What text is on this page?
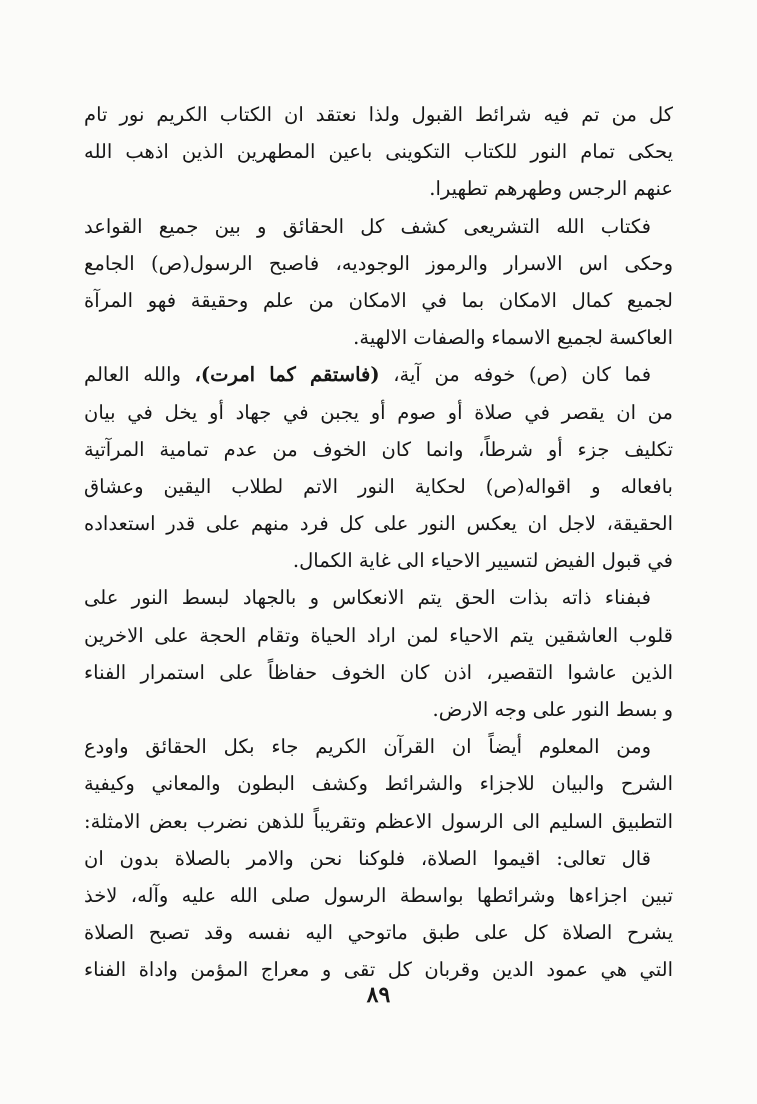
كل من تم فيه شرائط القبول ولذا نعتقد ان الكتاب الكريم نور تام
يحكى تمام النور للكتاب التكوينى باعين المطهرين الذين اذهب الله
عنهم الرجس وطهرهم تطهيرا.
فكتاب الله التشريعى كشف كل الحقائق و بين جميع القواعد
وحكى اس الاسرار والرموز الوجوديه، فاصبح الرسول(ص) الجامع
لجميع كمال الامكان بما في الامكان من علم وحقيقة فهو المرآة
العاكسة لجميع الاسماء والصفات الالهية.
فما كان (ص) خوفه من آية، (فاستقم كما امرت)، والله العالم
من ان يقصر في صلاة أو صوم أو يجبن في جهاد أو يخل في بيان
تكليف جزء أو شرطاً، وانما كان الخوف من عدم تمامية المرآتية
بافعاله و اقواله(ص) لحكاية النور الاتم لطلاب اليقين وعشاق
الحقيقة، لاجل ان يعكس النور على كل فرد منهم على قدر استعداده
في قبول الفيض لتسيير الاحياء الى غاية الكمال.
فبفناء ذاته بذات الحق يتم الانعكاس و بالجهاد لبسط النور على
قلوب العاشقين يتم الاحياء لمن اراد الحياة وتقام الحجة على الاخرين
الذين عاشوا التقصير، اذن كان الخوف حفاظاً على استمرار الفناء
و بسط النور على وجه الارض.
ومن المعلوم أيضاً ان القرآن الكريم جاء بكل الحقائق واودع
الشرح والبيان للاجزاء والشرائط وكشف البطون والمعاني وكيفية
التطبيق السليم الى الرسول الاعظم وتقريباً للذهن نضرب بعض الامثلة:
قال تعالى: اقيموا الصلاة، فلوكنا نحن والامر بالصلاة بدون ان
تبين اجزاءها وشرائطها بواسطة الرسول صلى الله عليه وآله، لاخذ
يشرح الصلاة كل على طبق ماتوحي اليه نفسه وقد تصبح الصلاة
التي هي عمود الدين وقربان كل تقى و معراج المؤمن واداة الفناء
٨٩
